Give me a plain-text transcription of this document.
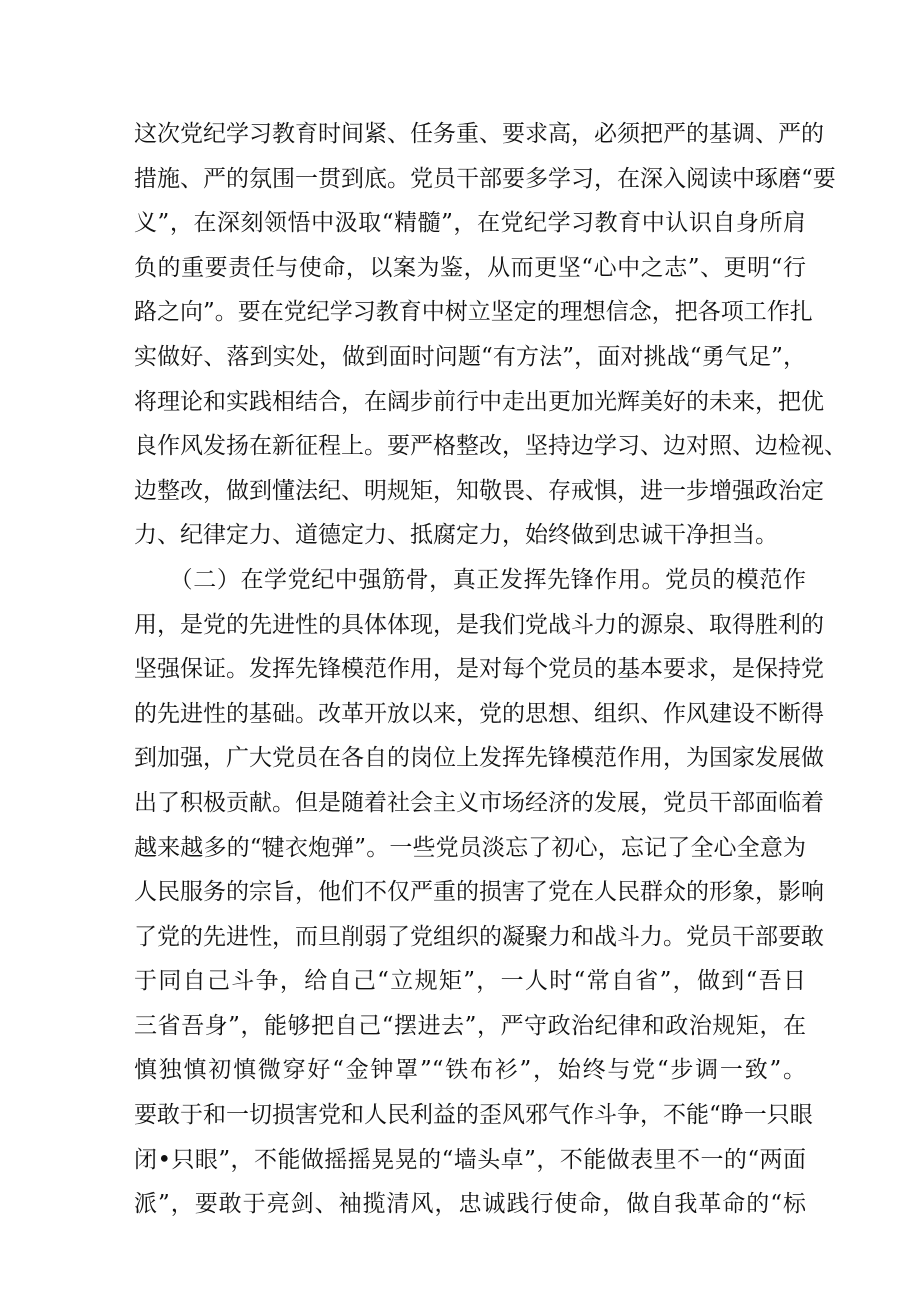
这次党纪学习教育时间紧、任务重、要求高，必须把严的基调、严的
措施、严的氛围一贯到底。党员干部要多学习，在深入阅读中琢磨“要
义”，在深刻领悟中汲取“精髓”，在党纪学习教育中认识自身所肩
负的重要责任与使命，以案为鉴，从而更坚“心中之志”、更明“行
路之向”。要在党纪学习教育中树立坚定的理想信念，把各项工作扎
实做好、落到实处，做到面时问题“有方法”，面对挑战“勇气足”，
将理论和实践相结合，在阔步前行中走出更加光辉美好的未来，把优
良作风发扬在新征程上。要严格整改，坚持边学习、边对照、边检视、
边整改，做到懂法纪、明规矩，知敬畏、存戒惧，进一步增强政治定
力、纪律定力、道德定力、抵腐定力，始终做到忠诚干净担当。
　　（二）在学党纪中强筋骨，真正发挥先锋作用。党员的模范作
用，是党的先进性的具体体现，是我们党战斗力的源泉、取得胜利的
坚强保证。发挥先锋模范作用，是对每个党员的基本要求，是保持党
的先进性的基础。改革开放以来，党的思想、组织、作风建设不断得
到加强，广大党员在各自的岗位上发挥先锋模范作用，为国家发展做
出了积极贡献。但是随着社会主义市场经济的发展，党员干部面临着
越来越多的“犍衣炮弹”。一些党员淡忘了初心，忘记了全心全意为
人民服务的宗旨，他们不仅严重的损害了党在人民群众的形象，影响
了党的先进性，而旦削弱了党组织的凝聚力和战斗力。党员干部要敢
于同自己斗争，给自己“立规矩”，一人时“常自省”，做到“吾日
三省吾身”，能够把自己“摆进去”，严守政治纪律和政治规矩，在
慎独慎初慎微穿好“金钟罩”“铁布衫”，始终与党“步调一致”。
要敢于和一切损害党和人民利益的歪风邪气作斗争，不能“睁一只眼
闭•只眼”，不能做摇摇晃晃的“墙头卓”，不能做表里不一的“两面
派”，要敢于亮剑、袖揽清风，忠诚践行使命，做自我革命的“标
